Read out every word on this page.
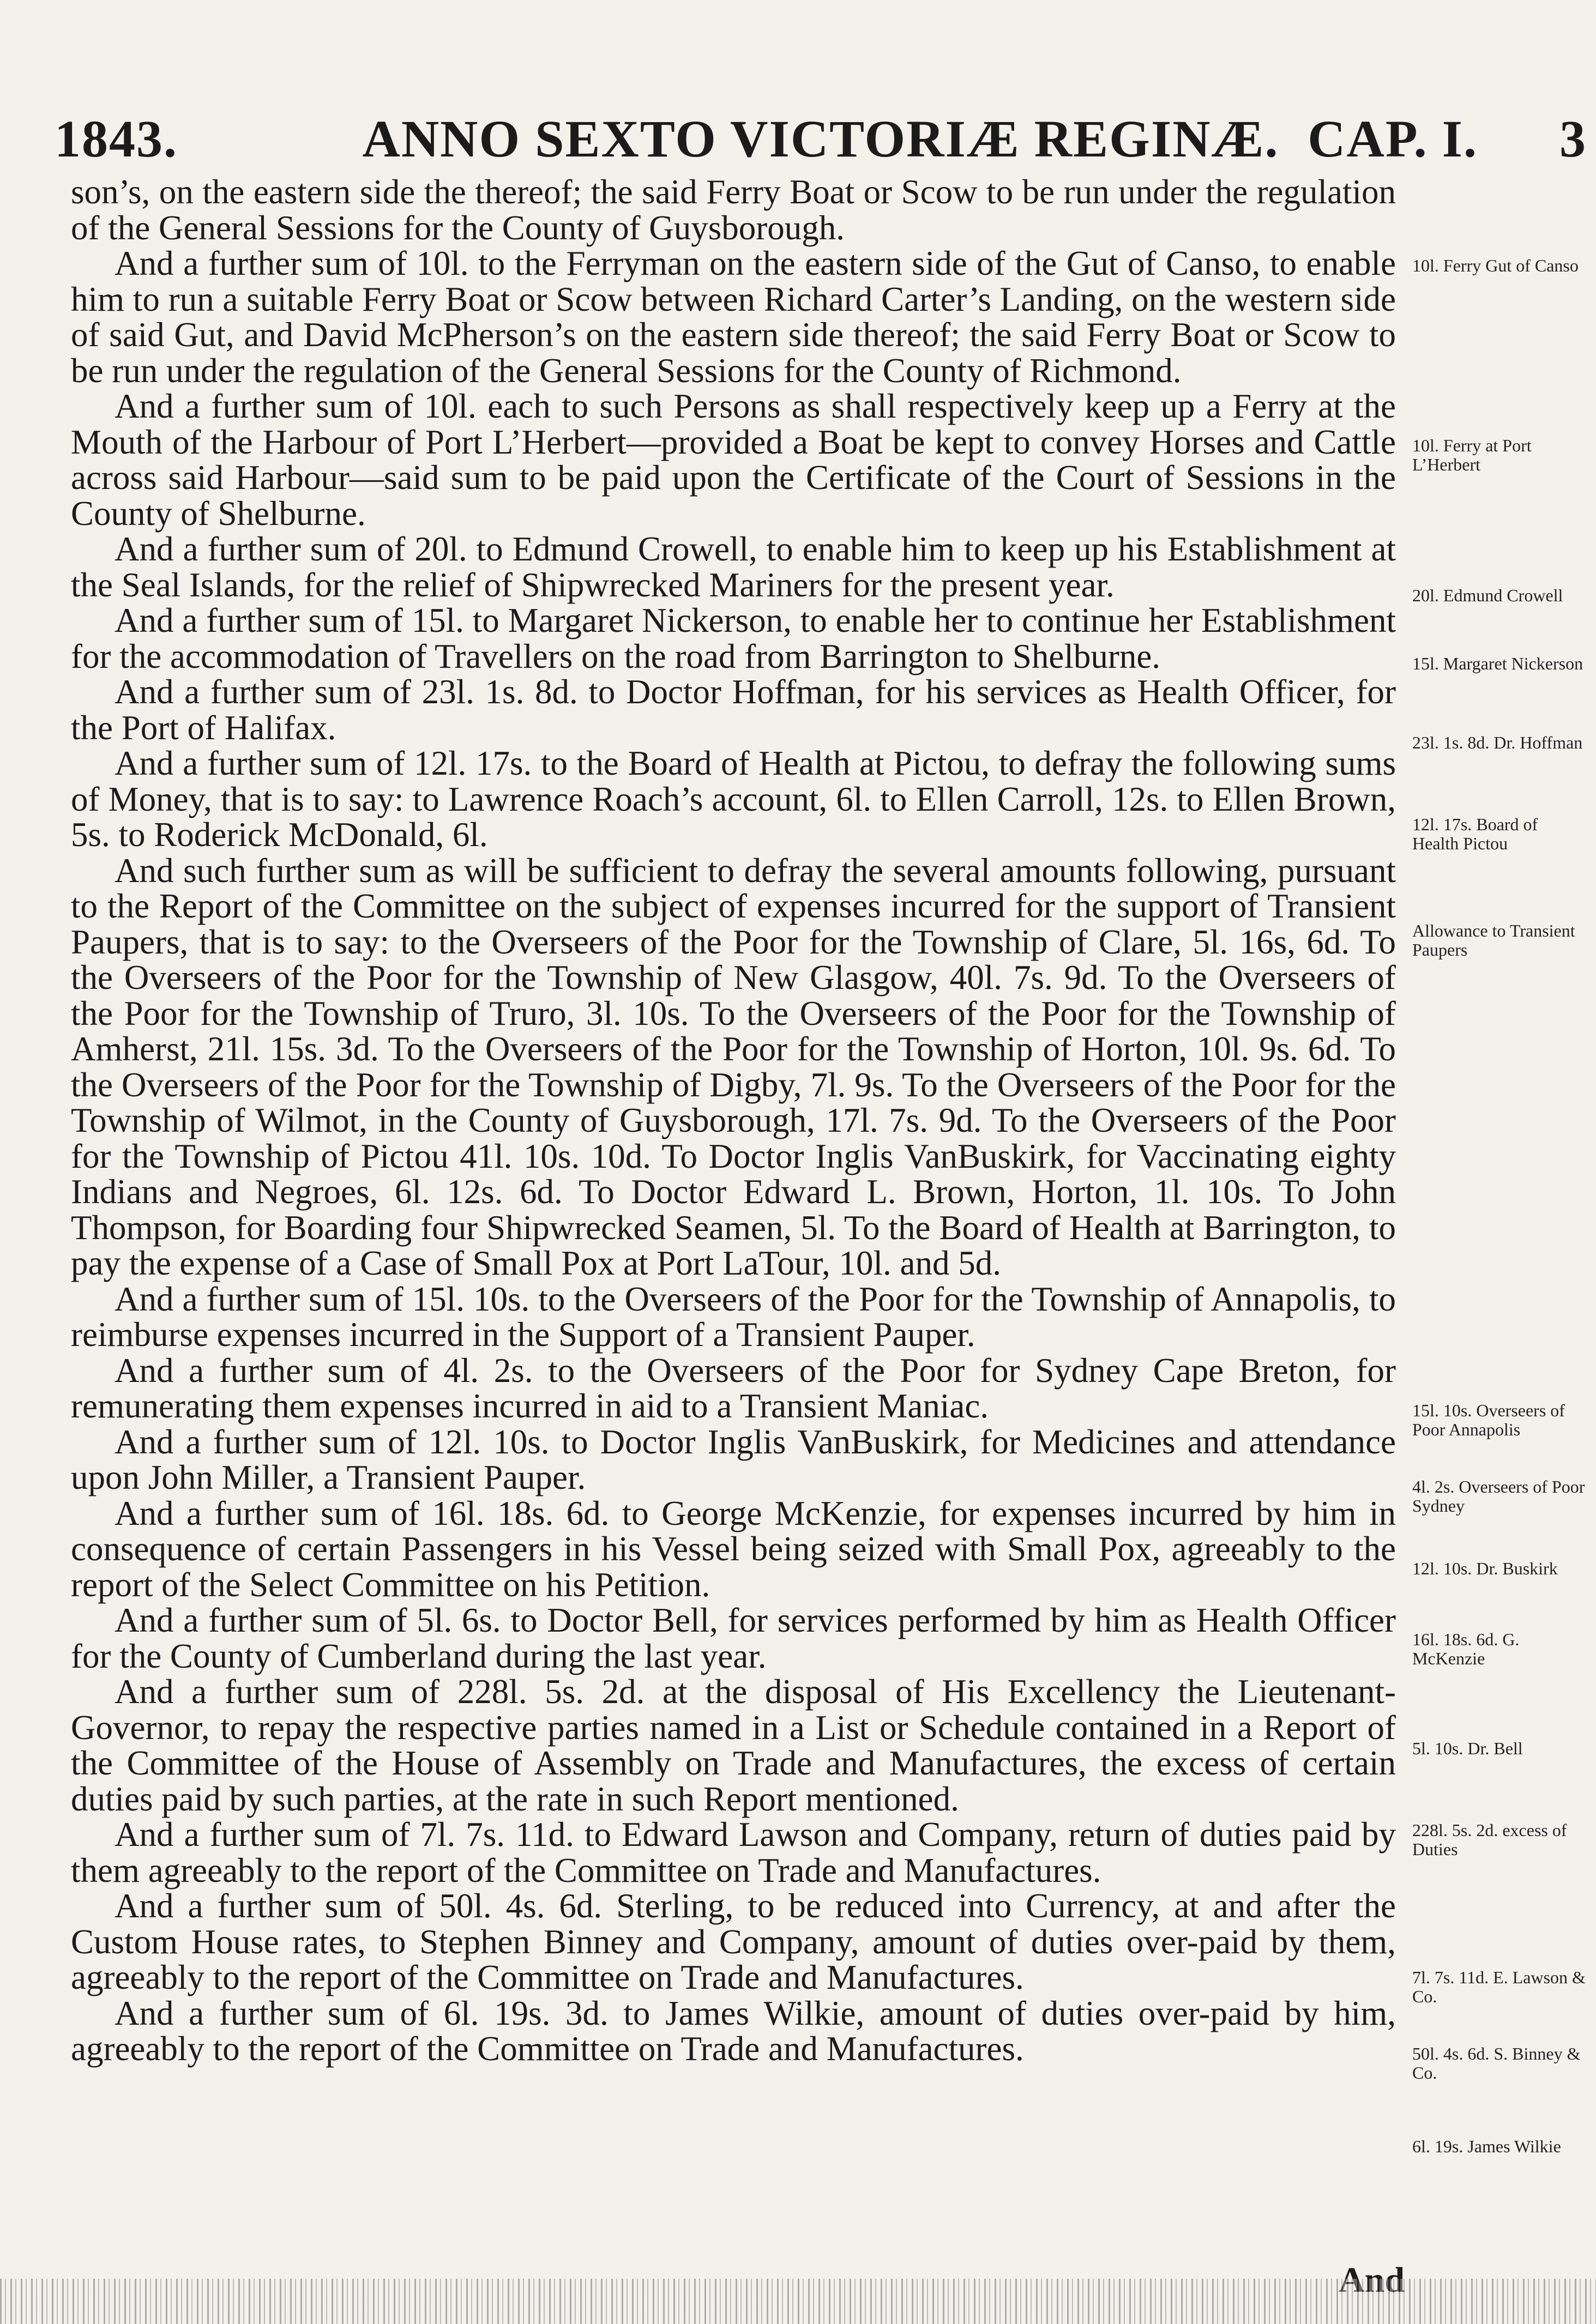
1843.	ANNO SEXTO VICTORIÆ REGINÆ. CAP. I. 3

son’s, on the eastern side the thereof; the said Ferry Boat or Scow to be run under the regulation of the General Sessions for the County of Guysborough.

And a further sum of 10l. to the Ferryman on the eastern side of the Gut of Canso, to enable him to run a suitable Ferry Boat or Scow between Richard Carter’s Landing, on the western side of said Gut, and David McPherson’s on the eastern side thereof; the said Ferry Boat or Scow to be run under the regulation of the General Sessions for the County of Richmond.

And a further sum of 10l. each to such Persons as shall respectively keep up a Ferry at the Mouth of the Harbour of Port L’Herbert—provided a Boat be kept to convey Horses and Cattle across said Harbour—said sum to be paid upon the Certificate of the Court of Sessions in the County of Shelburne.

And a further sum of 20l. to Edmund Crowell, to enable him to keep up his Establishment at the Seal Islands, for the relief of Shipwrecked Mariners for the present year.

And a further sum of 15l. to Margaret Nickerson, to enable her to continue her Establishment for the accommodation of Travellers on the road from Barrington to Shelburne.

And a further sum of 23l. 1s. 8d. to Doctor Hoffman, for his services as Health Officer, for the Port of Halifax.

And a further sum of 12l. 17s. to the Board of Health at Pictou, to defray the following sums of Money, that is to say: to Lawrence Roach’s account, 6l. to Ellen Carroll, 12s. to Ellen Brown, 5s. to Roderick McDonald, 6l.

And such further sum as will be sufficient to defray the several amounts following, pursuant to the Report of the Committee on the subject of expenses incurred for the support of Transient Paupers, that is to say: to the Overseers of the Poor for the Township of Clare, 5l. 16s, 6d. To the Overseers of the Poor for the Township of New Glasgow, 40l. 7s. 9d. To the Overseers of the Poor for the Township of Truro, 3l. 10s. To the Overseers of the Poor for the Township of Amherst, 21l. 15s. 3d. To the Overseers of the Poor for the Township of Horton, 10l. 9s. 6d. To the Overseers of the Poor for the Township of Digby, 7l. 9s. To the Overseers of the Poor for the Township of Wilmot, in the County of Guysborough, 17l. 7s. 9d. To the Overseers of the Poor for the Township of Pictou 41l. 10s. 10d. To Doctor Inglis VanBuskirk, for Vaccinating eighty Indians and Negroes, 6l. 12s. 6d. To Doctor Edward L. Brown, Horton, 1l. 10s. To John Thompson, for Boarding four Shipwrecked Seamen, 5l. To the Board of Health at Barrington, to pay the expense of a Case of Small Pox at Port LaTour, 10l. and 5d.

And a further sum of 15l. 10s. to the Overseers of the Poor for the Township of Annapolis, to reimburse expenses incurred in the Support of a Transient Pauper.

And a further sum of 4l. 2s. to the Overseers of the Poor for Sydney Cape Breton, for remunerating them expenses incurred in aid to a Transient Maniac.

And a further sum of 12l. 10s. to Doctor Inglis VanBuskirk, for Medicines and attendance upon John Miller, a Transient Pauper.

And a further sum of 16l. 18s. 6d. to George McKenzie, for expenses incurred by him in consequence of certain Passengers in his Vessel being seized with Small Pox, agreeably to the report of the Select Committee on his Petition.

And a further sum of 5l. 6s. to Doctor Bell, for services performed by him as Health Officer for the County of Cumberland during the last year.

And a further sum of 228l. 5s. 2d. at the disposal of His Excellency the Lieutenant-Governor, to repay the respective parties named in a List or Schedule contained in a Report of the Committee of the House of Assembly on Trade and Manufactures, the excess of certain duties paid by such parties, at the rate in such Report mentioned.

And a further sum of 7l. 7s. 11d. to Edward Lawson and Company, return of duties paid by them agreeably to the report of the Committee on Trade and Manufactures.

And a further sum of 50l. 4s. 6d. Sterling, to be reduced into Currency, at and after the Custom House rates, to Stephen Binney and Company, amount of duties over-paid by them, agreeably to the report of the Committee on Trade and Manufactures.

And a further sum of 6l. 19s. 3d. to James Wilkie, amount of duties over-paid by him, agreeably to the report of the Committee on Trade and Manufactures.

10l. Ferry Gut of Canso
10l. Ferry at Port L’Herbert
20l. Edmund Crowell
15l. Margaret Nickerson
23l. 1s. 8d. Dr. Hoffman
12l. 17s. Board of Health Pictou
Allowance to Transient Paupers
15l. 10s. Overseers of Poor Annapolis
4l. 2s. Overseers of Poor Sydney
12l. 10s. Dr. Buskirk
16l. 18s. 6d. G. McKenzie
5l. 10s. Dr. Bell
228l. 5s. 2d. excess of Duties
7l. 7s. 11d. E. Lawson & Co.
50l. 4s. 6d. S. Binney & Co.
6l. 19s. James Wilkie
And
